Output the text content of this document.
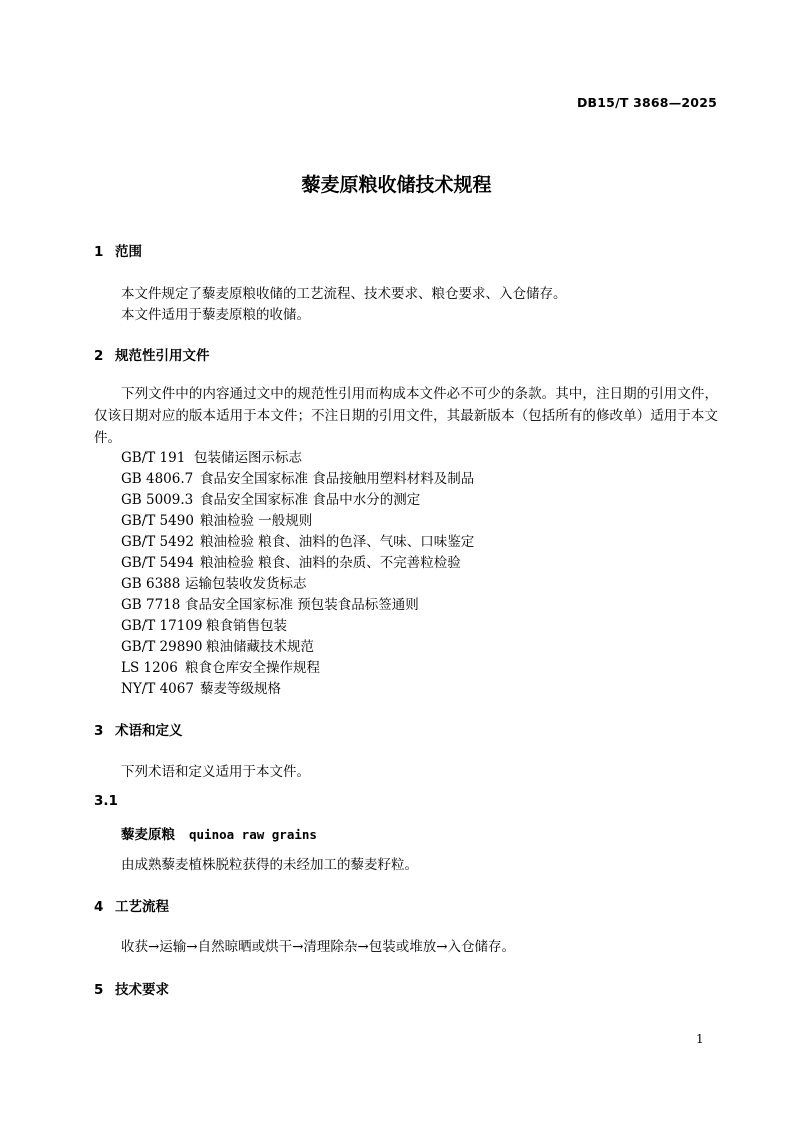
DB15/T 3868—2025
藜麦原粮收储技术规程
1 范围
本文件规定了藜麦原粮收储的工艺流程、技术要求、粮仓要求、入仓储存。
本文件适用于藜麦原粮的收储。
2 规范性引用文件
下列文件中的内容通过文中的规范性引用而构成本文件必不可少的条款。其中，注日期的引用文件，仅该日期对应的版本适用于本文件；不注日期的引用文件，其最新版本（包括所有的修改单）适用于本文件。
GB/T 191 包装储运图示标志
GB 4806.7 食品安全国家标准 食品接触用塑料材料及制品
GB 5009.3 食品安全国家标准 食品中水分的测定
GB/T 5490 粮油检验 一般规则
GB/T 5492 粮油检验 粮食、油料的色泽、气味、口味鉴定
GB/T 5494 粮油检验 粮食、油料的杂质、不完善粒检验
GB 6388 运输包装收发货标志
GB 7718 食品安全国家标准 预包装食品标签通则
GB/T 17109 粮食销售包装
GB/T 29890 粮油储藏技术规范
LS 1206 粮食仓库安全操作规程
NY/T 4067 藜麦等级规格
3 术语和定义
下列术语和定义适用于本文件。
3.1
藜麦原粮 quinoa raw grains
由成熟藜麦植株脱粒获得的未经加工的藜麦籽粒。
4 工艺流程
收获→运输→自然晾晒或烘干→清理除杂→包装或堆放→入仓储存。
5 技术要求
1
